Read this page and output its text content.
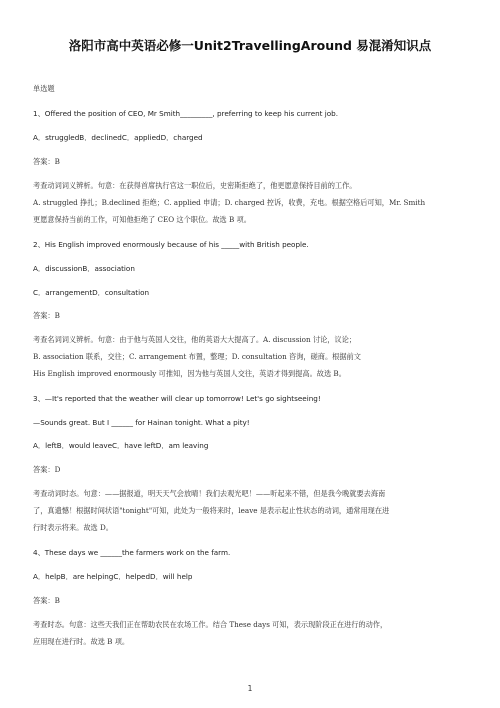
洛阳市高中英语必修一Unit2TravellingAround 易混淆知识点
单选题
1、Offered the position of CEO, Mr Smith_________, preferring to keep his current job.
A．struggledB．declinedC．appliedD．charged
答案：B
考查动词词义辨析。句意：在获得首席执行官这一职位后，史密斯拒绝了，他更愿意保持目前的工作。
A. struggled 挣扎；B.declined 拒绝；C. applied 申请；D. charged 控诉，收费，充电。根据空格后可知，Mr. Smith
更愿意保持当前的工作，可知他拒绝了 CEO 这个职位。故选 B 项。
2、His English improved enormously because of his _____with British people.
A．discussionB．association
C．arrangementD．consultation
答案：B
考查名词词义辨析。句意：由于他与英国人交往，他的英语大大提高了。A. discussion 讨论，议论；
B. association 联系，交往；C. arrangement 布置，整理；D. consultation 咨询，磋商。根据前文
His English improved enormously 可推知，因为他与英国人交往，英语才得到提高。故选 B。
3、—It's reported that the weather will clear up tomorrow! Let's go sightseeing!
—Sounds great. But I ______ for Hainan tonight. What a pity!
A．leftB．would leaveC．have leftD．am leaving
答案：D
考查动词时态。句意：——据报道，明天天气会放晴！我们去观光吧！——听起来不错，但是我今晚就要去海南
了，真遗憾！根据时间状语"tonight"可知，此处为一般将来时，leave 是表示起止性状态的动词，通常用现在进
行时表示将来。故选 D。
4、These days we ______the farmers work on the farm.
A．helpB．are helpingC．helpedD．will help
答案：B
考查时态。句意：这些天我们正在帮助农民在农场工作。结合 These days 可知，表示现阶段正在进行的动作，
应用现在进行时。故选 B 项。
1
